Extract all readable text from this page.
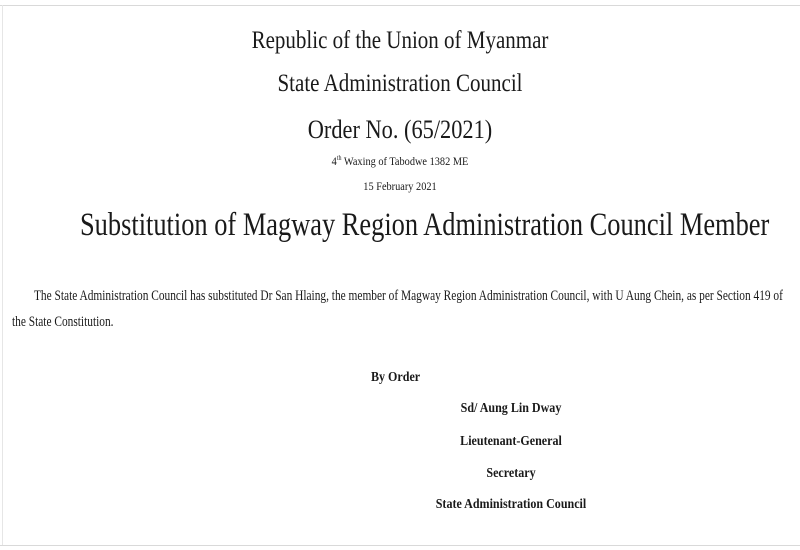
Republic of the Union of Myanmar
State Administration Council
Order No. (65/2021)
4th Waxing of Tabodwe 1382 ME
15 February 2021
Substitution of Magway Region Administration Council Member

The State Administration Council has substituted Dr San Hlaing, the member of Magway Region Administration Council, with U Aung Chein, as per Section 419 of the State Constitution.

By Order
Sd/ Aung Lin Dway
Lieutenant-General
Secretary
State Administration Council
